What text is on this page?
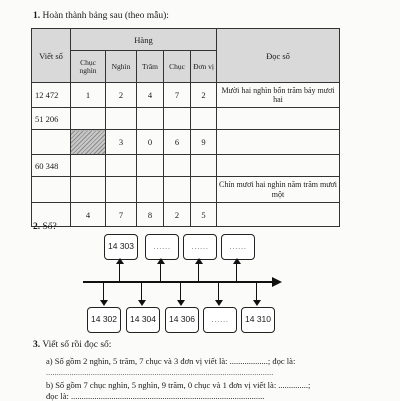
1. Hoàn thành bảng sau (theo mẫu):
Viết số	Hàng					Đọc số
	Chục nghìn	Nghìn	Trăm	Chục	Đơn vị	
12 472	1	2	4	7	2	Mười hai nghìn bốn trăm bảy mươi hai
51 206						
		3	0	6	9	
60 348						
						Chín mươi hai nghìn năm trăm mươi một
	4	7	8	2	5	
2. Số?
14 303	......	......	......
14 302	14 304	14 306	......	14 310
3. Viết số rồi đọc số:
a) Số gồm 2 nghìn, 5 trăm, 7 chục và 3 đơn vị viết là: ..................; đọc là:
...........................................................................................................
b) Số gồm 7 chục nghìn, 5 nghìn, 9 trăm, 0 chục và 1 đơn vị viết là: ..............;
đọc là: ...........................................................................................
